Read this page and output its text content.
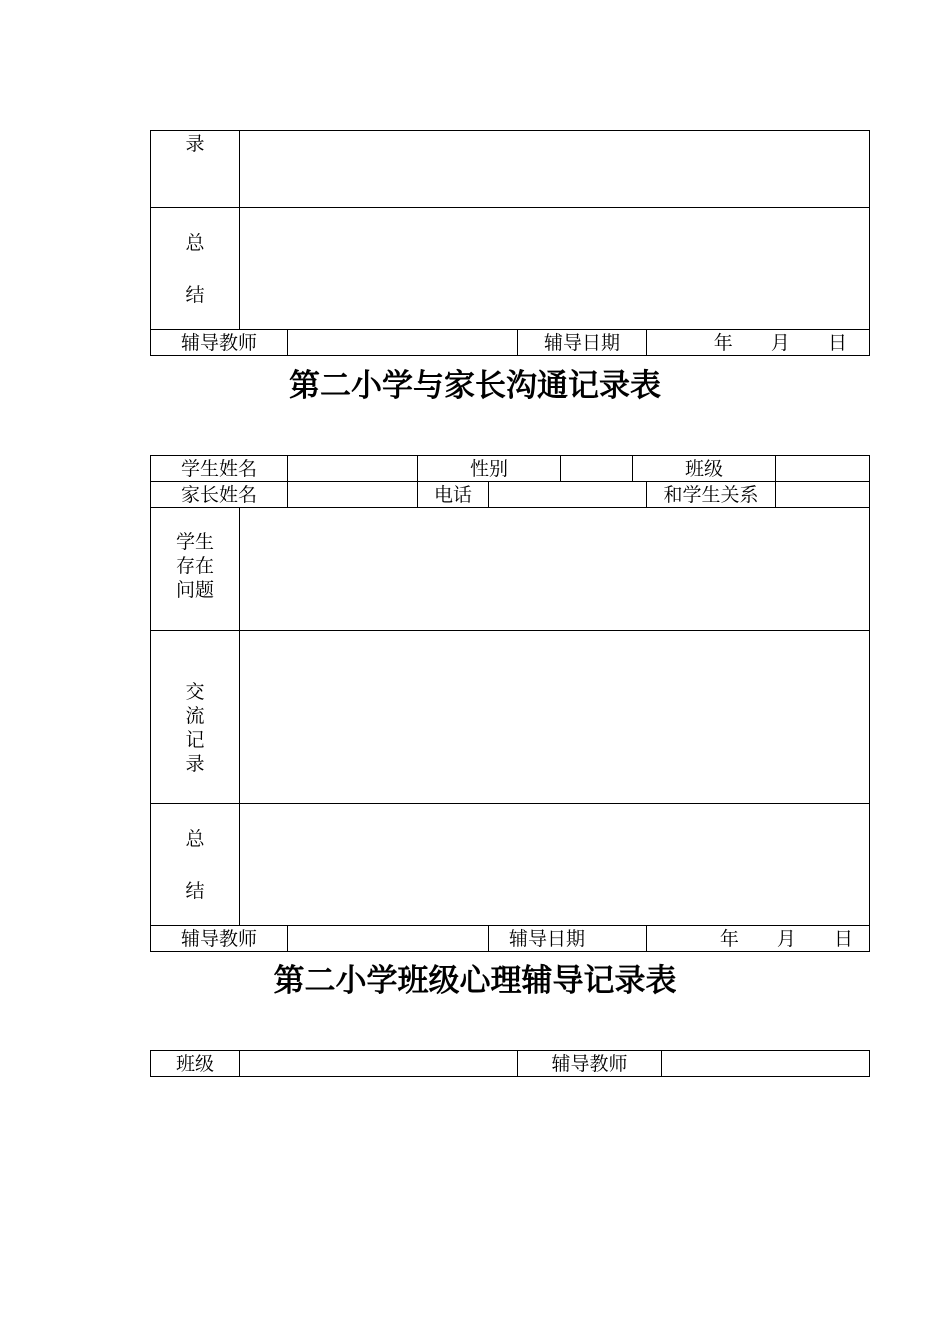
录				

总
结				

辅导教师			辅导日期	年 月 日
第二小学与家长沟通记录表
学生姓名			性别			班级		
家长姓名			电话				和学生关系	

学生
存在
问题								

交
流
记
录								

总
结								

辅导教师				辅导日期			年 月 日	
第二小学班级心理辅导记录表
班级		辅导教师	
